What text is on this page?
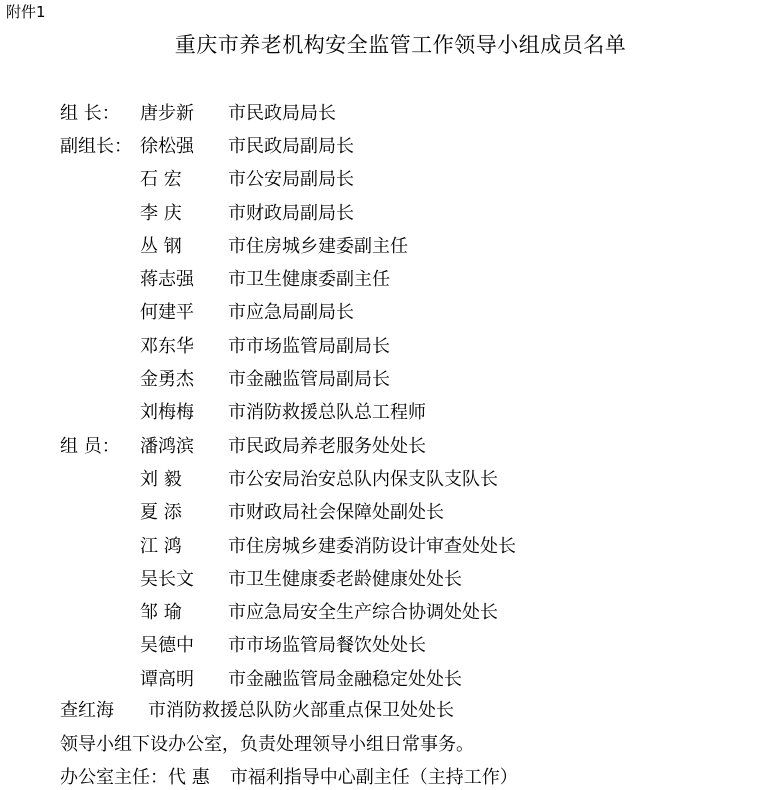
附件1
重庆市养老机构安全监管工作领导小组成员名单
组 长：	唐步新	市民政局局长
副组长： 徐松强	市民政局副局长
石 宏	市公安局副局长
李 庆	市财政局副局长
丛 钢	市住房城乡建委副主任
蒋志强	市卫生健康委副主任
何建平	市应急局副局长
邓东华	市市场监管局副局长
金勇杰	市金融监管局副局长
刘梅梅	市消防救援总队总工程师
组 员：	潘鸿滨	市民政局养老服务处处长
刘 毅	市公安局治安总队内保支队支队长
夏 添	市财政局社会保障处副处长
江 鸿	市住房城乡建委消防设计审查处处长
吴长文	市卫生健康委老龄健康处处长
邹 瑜	市应急局安全生产综合协调处处长
吴德中	市市场监管局餐饮处处长
谭高明	市金融监管局金融稳定处处长
查红海 市消防救援总队防火部重点保卫处处长
领导小组下设办公室，负责处理领导小组日常事务。
办公室主任：代 惠 市福利指导中心副主任（主持工作）
